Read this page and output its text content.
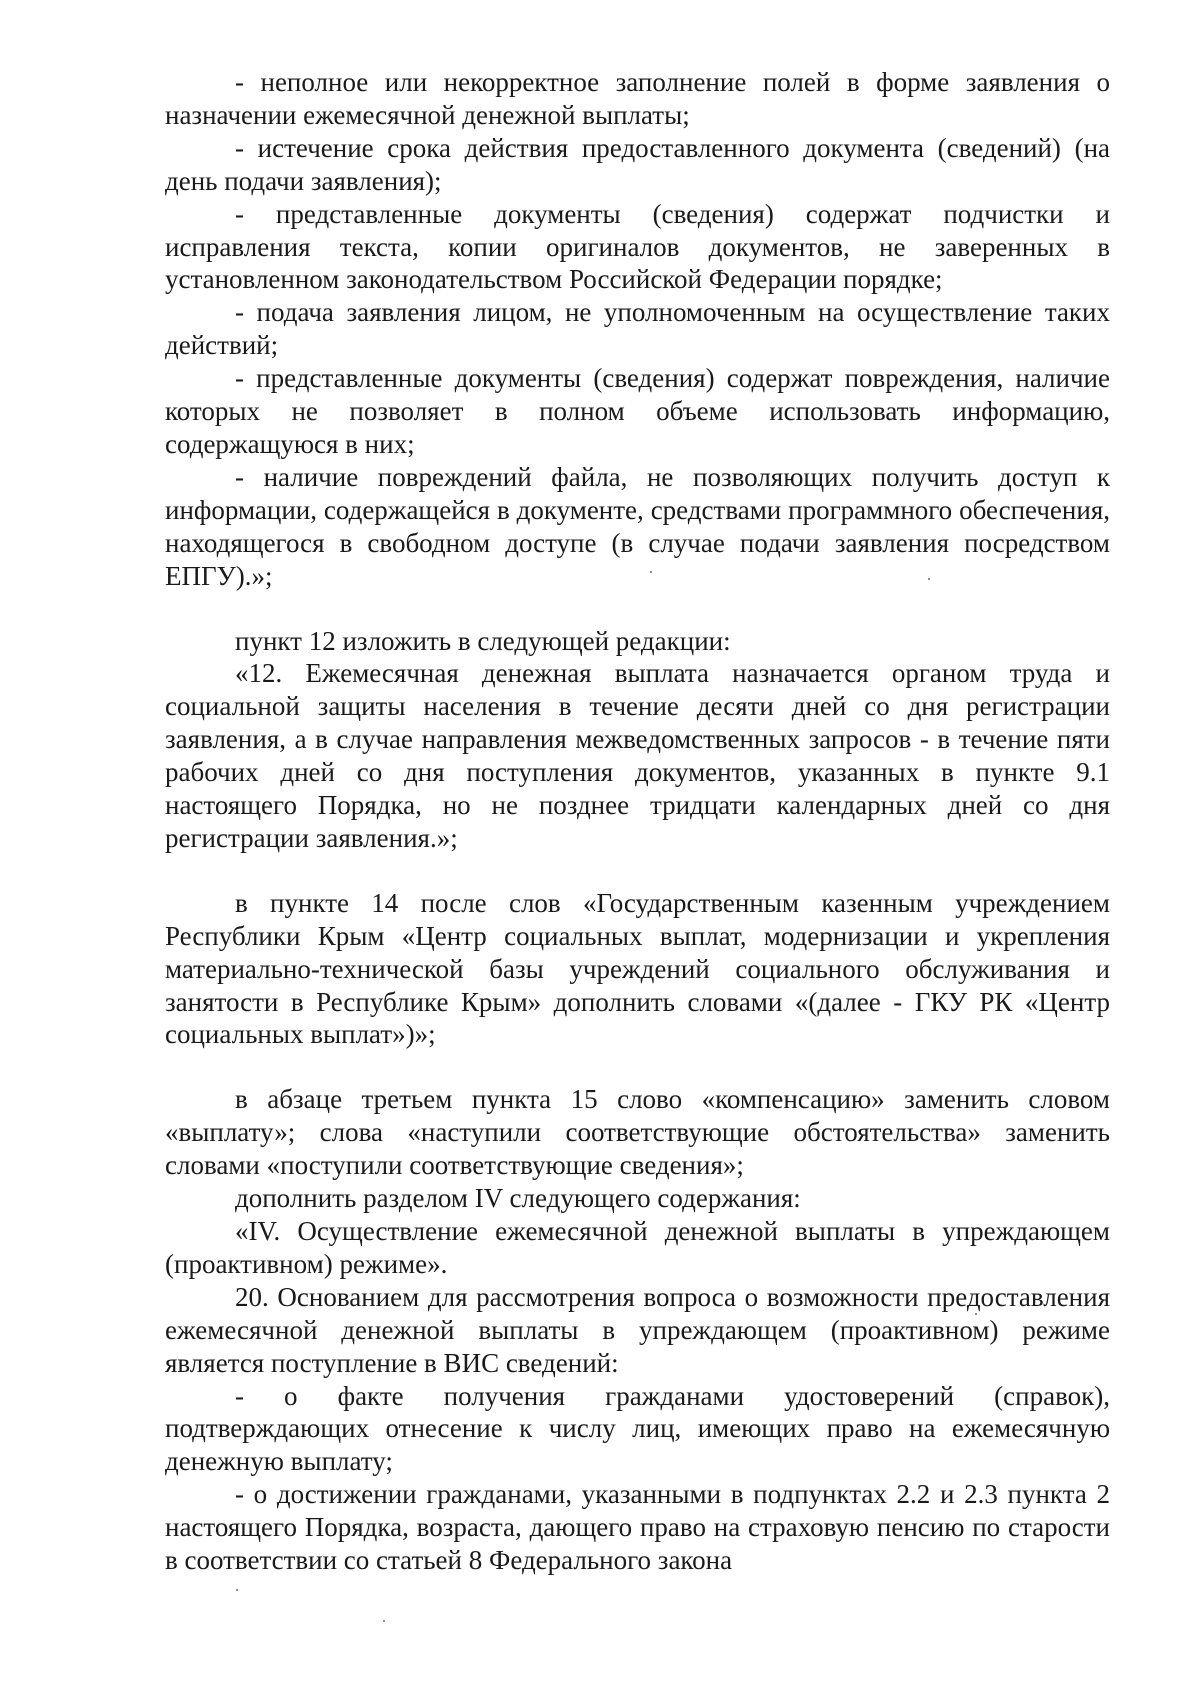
- неполное или некорректное заполнение полей в форме заявления о назначении ежемесячной денежной выплаты;

- истечение срока действия предоставленного документа (сведений) (на день подачи заявления);

- представленные документы (сведения) содержат подчистки и исправления текста, копии оригиналов документов, не заверенных в установленном законодательством Российской Федерации порядке;

- подача заявления лицом, не уполномоченным на осуществление таких действий;

- представленные документы (сведения) содержат повреждения, наличие которых не позволяет в полном объеме использовать информацию, содержащуюся в них;

- наличие повреждений файла, не позволяющих получить доступ к информации, содержащейся в документе, средствами программного обеспечения, находящегося в свободном доступе (в случае подачи заявления посредством ЕПГУ).»;

пункт 12 изложить в следующей редакции:

«12. Ежемесячная денежная выплата назначается органом труда и социальной защиты населения в течение десяти дней со дня регистрации заявления, а в случае направления межведомственных запросов - в течение пяти рабочих дней со дня поступления документов, указанных в пункте 9.1 настоящего Порядка, но не позднее тридцати календарных дней со дня регистрации заявления.»;

в пункте 14 после слов «Государственным казенным учреждением Республики Крым «Центр социальных выплат, модернизации и укрепления материально-технической базы учреждений социального обслуживания и занятости в Республике Крым» дополнить словами «(далее - ГКУ РК «Центр социальных выплат»)»;

в абзаце третьем пункта 15 слово «компенсацию» заменить словом «выплату»; слова «наступили соответствующие обстоятельства» заменить словами «поступили соответствующие сведения»;

дополнить разделом IV следующего содержания:

«IV. Осуществление ежемесячной денежной выплаты в упреждающем (проактивном) режиме».

20. Основанием для рассмотрения вопроса о возможности предоставления ежемесячной денежной выплаты в упреждающем (проактивном) режиме является поступление в ВИС сведений:

- о факте получения гражданами удостоверений (справок), подтверждающих отнесение к числу лиц, имеющих право на ежемесячную денежную выплату;

- о достижении гражданами, указанными в подпунктах 2.2 и 2.3 пункта 2 настоящего Порядка, возраста, дающего право на страховую пенсию по старости в соответствии со статьей 8 Федерального закона
